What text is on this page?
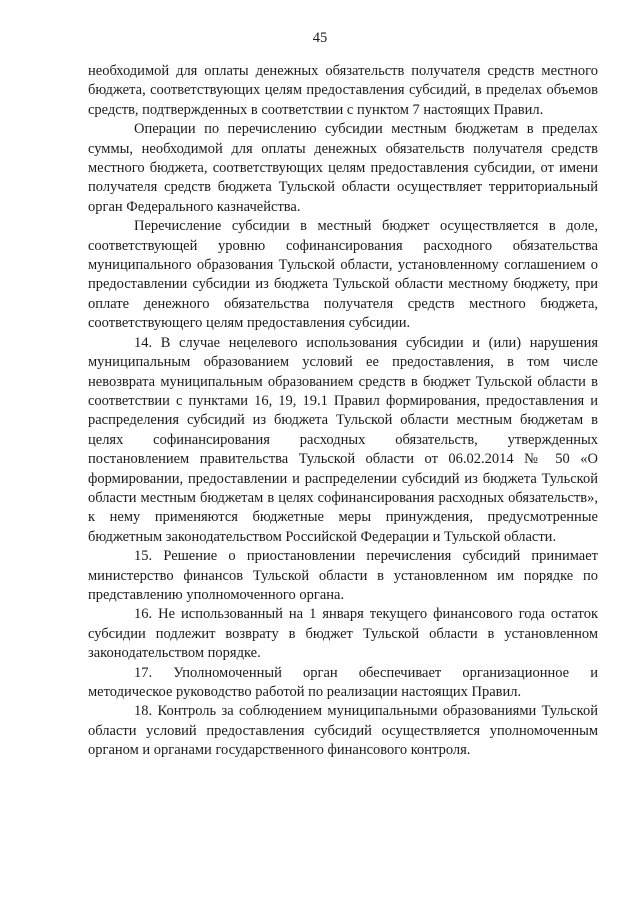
45

необходимой для оплаты денежных обязательств получателя средств местного бюджета, соответствующих целям предоставления субсидий, в пределах объемов средств, подтвержденных в соответствии с пунктом 7 настоящих Правил.

Операции по перечислению субсидии местным бюджетам в пределах суммы, необходимой для оплаты денежных обязательств получателя средств местного бюджета, соответствующих целям предоставления субсидии, от имени получателя средств бюджета Тульской области осуществляет территориальный орган Федерального казначейства.

Перечисление субсидии в местный бюджет осуществляется в доле, соответствующей уровню софинансирования расходного обязательства муниципального образования Тульской области, установленному соглашением о предоставлении субсидии из бюджета Тульской области местному бюджету, при оплате денежного обязательства получателя средств местного бюджета, соответствующего целям предоставления субсидии.

14. В случае нецелевого использования субсидии и (или) нарушения муниципальным образованием условий ее предоставления, в том числе невозврата муниципальным образованием средств в бюджет Тульской области в соответствии с пунктами 16, 19, 19.1 Правил формирования, предоставления и распределения субсидий из бюджета Тульской области местным бюджетам в целях софинансирования расходных обязательств, утвержденных постановлением правительства Тульской области от 06.02.2014 № 50 «О формировании, предоставлении и распределении субсидий из бюджета Тульской области местным бюджетам в целях софинансирования расходных обязательств», к нему применяются бюджетные меры принуждения, предусмотренные бюджетным законодательством Российской Федерации и Тульской области.

15. Решение о приостановлении перечисления субсидий принимает министерство финансов Тульской области в установленном им порядке по представлению уполномоченного органа.

16. Не использованный на 1 января текущего финансового года остаток субсидии подлежит возврату в бюджет Тульской области в установленном законодательством порядке.

17. Уполномоченный орган обеспечивает организационное и методическое руководство работой по реализации настоящих Правил.

18. Контроль за соблюдением муниципальными образованиями Тульской области условий предоставления субсидий осуществляется уполномоченным органом и органами государственного финансового контроля.
